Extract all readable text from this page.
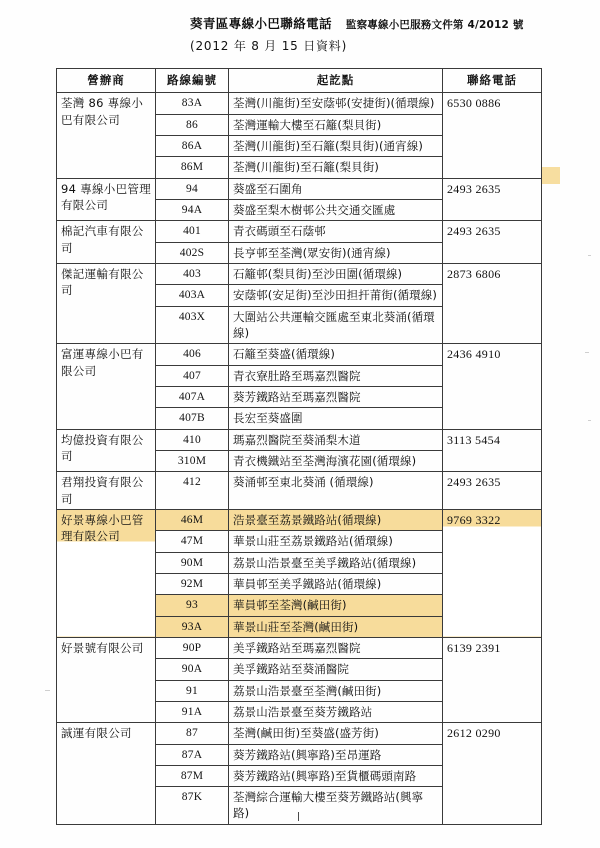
葵青區專線小巴聯絡電話 監察專線小巴服務文件第 4/2012 號
(2012 年 8 月 15 日資料)
營辦商	路線編號	起訖點	聯絡電話
荃灣 86 專線小巴有限公司	83A	荃灣(川龍街)至安蔭邨(安捷街)(循環線)	6530 0886
	86	荃灣運輸大樓至石籬(梨貝街)	
	86A	荃灣(川龍街)至石籬(梨貝街)(通宵線)	
	86M	荃灣(川龍街)至石籬(梨貝街)	
94 專線小巴管理有限公司	94	葵盛至石圍角	2493 2635
	94A	葵盛至梨木樹邨公共交通交匯處	
棉記汽車有限公司	401	青衣碼頭至石蔭邨	2493 2635
	402S	長亨邨至荃灣(眾安街)(通宵線)	
傑記運輸有限公司	403	石籬邨(梨貝街)至沙田圍(循環線)	2873 6806
	403A	安蔭邨(安足街)至沙田担扞莆街(循環線)	
	403X	大圍站公共運輸交匯處至東北葵涌(循環線)	
富運專線小巴有限公司	406	石籬至葵盛(循環線)	2436 4910
	407	青衣寮肚路至瑪嘉烈醫院	
	407A	葵芳鐵路站至瑪嘉烈醫院	
	407B	長宏至葵盛圍	
均億投資有限公司	410	瑪嘉烈醫院至葵涌梨木道	3113 5454
	310M	青衣機鐵站至荃灣海濱花園(循環線)	
君翔投資有限公司	412	葵涌邨至東北葵涌 (循環線)	2493 2635
好景專線小巴管理有限公司	46M	浩景臺至荔景鐵路站(循環線)	9769 3322
	47M	華景山莊至荔景鐵路站(循環線)	
	90M	荔景山浩景臺至美孚鐵路站(循環線)	
	92M	華員邨至美孚鐵路站(循環線)	
	93	華員邨至荃灣(鹹田街)	
	93A	華景山莊至荃灣(鹹田街)	
好景號有限公司	90P	美孚鐵路站至瑪嘉烈醫院	6139 2391
	90A	美孚鐵路站至葵涌醫院	
	91	荔景山浩景臺至荃灣(鹹田街)	
	91A	荔景山浩景臺至葵芳鐵路站	
誠運有限公司	87	荃灣(鹹田街)至葵盛(盛芳街)	2612 0290
	87A	葵芳鐵路站(興寧路)至昂運路	
	87M	葵芳鐵路站(興寧路)至貨櫃碼頭南路	
	87K	荃灣綜合運輸大樓至葵芳鐵路站(興寧路)	
